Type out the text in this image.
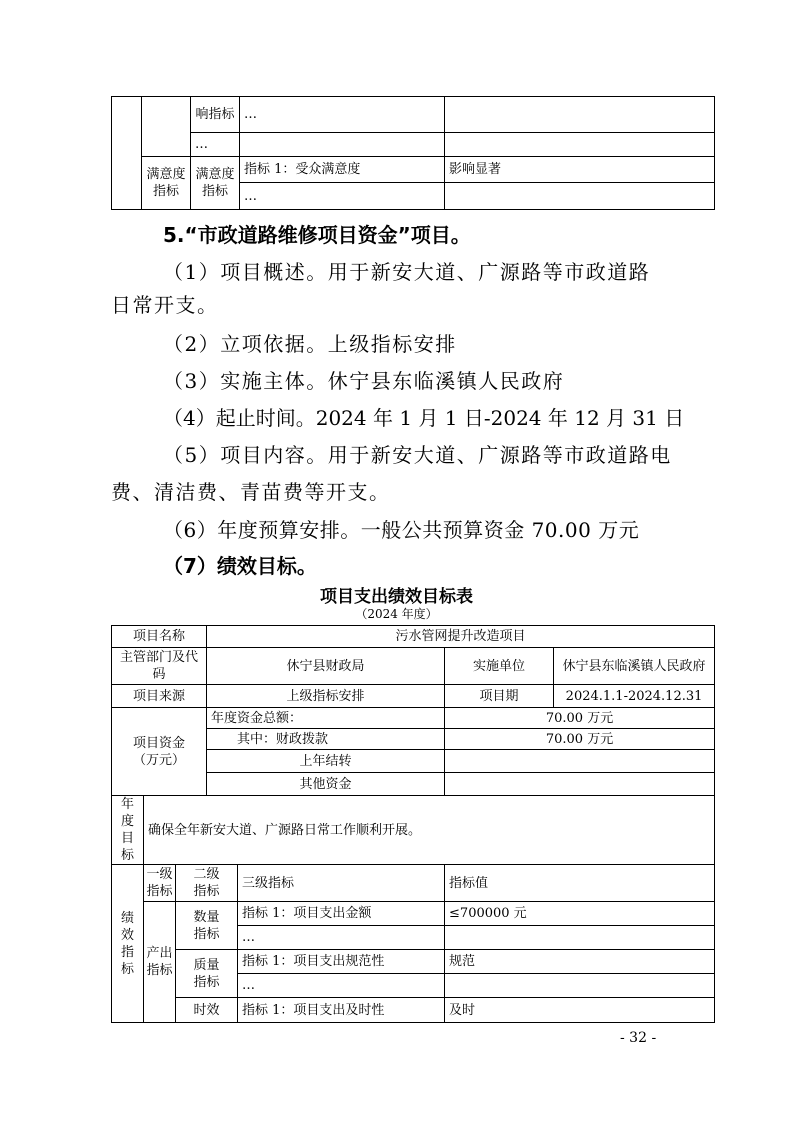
		响指标	…	
		…		
	满意度指标	满意度指标	指标 1：受众满意度	影响显著
			…	
5.“市政道路维修项目资金”项目。
（1）项目概述。用于新安大道、广源路等市政道路
日常开支。
（2）立项依据。上级指标安排
（3）实施主体。休宁县东临溪镇人民政府
（4）起止时间。2024 年 1 月 1 日-2024 年 12 月 31 日
（5）项目内容。用于新安大道、广源路等市政道路电
费、清洁费、青苗费等开支。
（6）年度预算安排。一般公共预算资金 70.00 万元
（7）绩效目标。
项目支出绩效目标表
（2024 年度）
项目名称			污水管网提升改造项目			
主管部门及代码			休宁县财政局		实施单位	休宁县东临溪镇人民政府
项目来源			上级指标安排		项目期	2024.1.1-2024.12.31
项目资金（万元）			年度资金总额：		70.00 万元	
			其中：财政拨款		70.00 万元	
			上年结转			
			其他资金			
年度目标	确保全年新安大道、广源路日常工作顺利开展。					
绩效指标	一级指标	二级指标		三级指标	指标值	
	产出指标	数量指标		指标 1：项目支出金额	≤700000 元	
				…		
		质量指标		指标 1：项目支出规范性	规范	
				…		
		时效		指标 1：项目支出及时性	及时	
- 32 -
